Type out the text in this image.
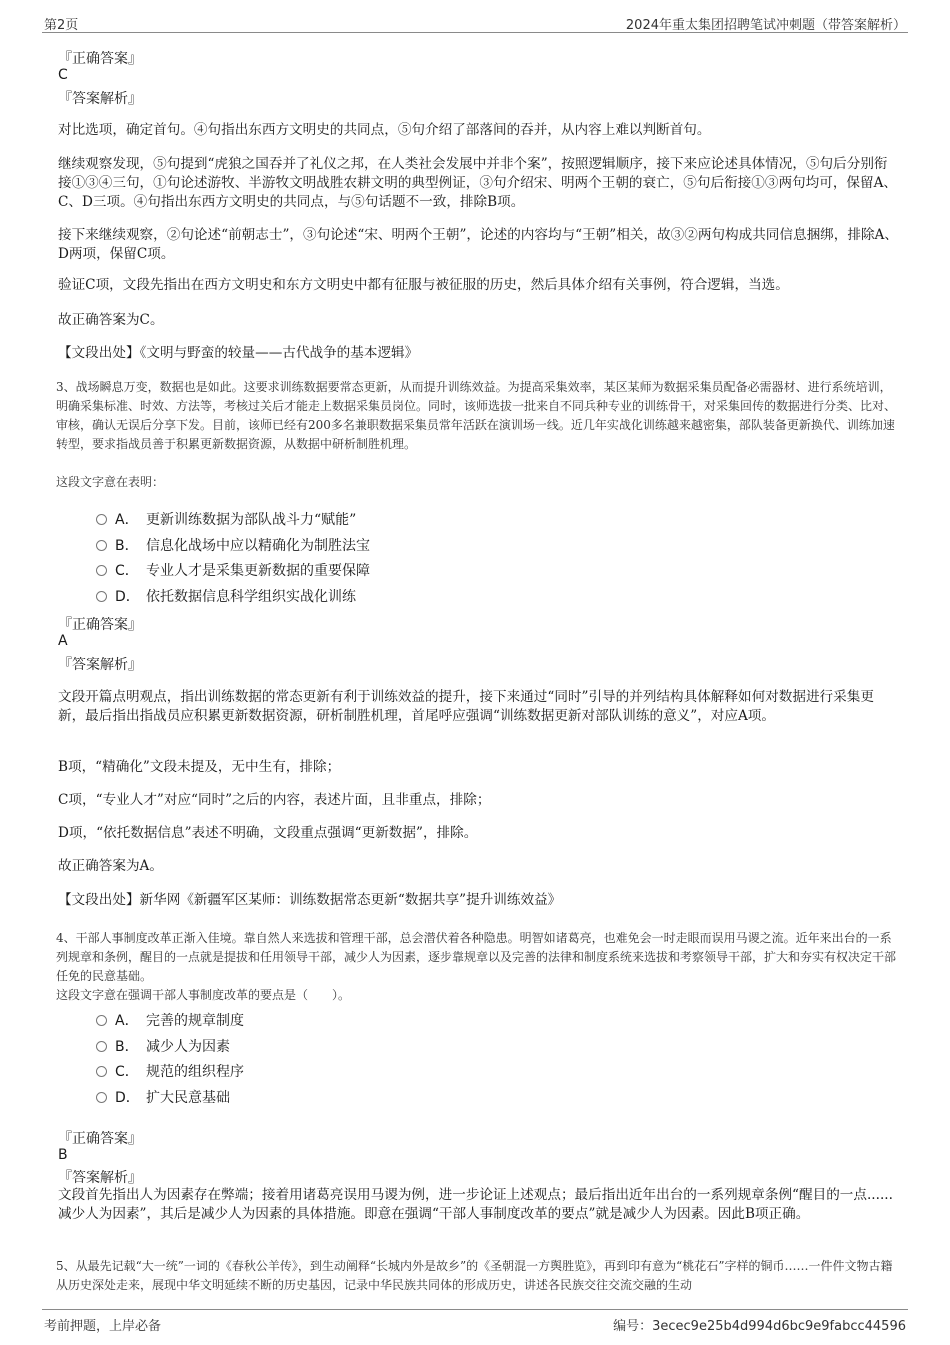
第2页	2024年重太集团招聘笔试冲刺题（带答案解析）
『正确答案』
C
『答案解析』
对比选项，确定首句。④句指出东西方文明史的共同点，⑤句介绍了部落间的吞并，从内容上难以判断首句。
继续观察发现，⑤句提到“虎狼之国吞并了礼仪之邦，在人类社会发展中并非个案”，按照逻辑顺序，接下来应论述具体情况，⑤句后分别衔接①③④三句，①句论述游牧、半游牧文明战胜农耕文明的典型例证，③句介绍宋、明两个王朝的衰亡，⑤句后衔接①③两句均可，保留A、C、D三项。④句指出东西方文明史的共同点，与⑤句话题不一致，排除B项。
接下来继续观察，②句论述“前朝志士”，③句论述“宋、明两个王朝”，论述的内容均与“王朝”相关，故③②两句构成共同信息捆绑，排除A、D两项，保留C项。
验证C项，文段先指出在西方文明史和东方文明史中都有征服与被征服的历史，然后具体介绍有关事例，符合逻辑，当选。
故正确答案为C。
【文段出处】《文明与野蛮的较量——古代战争的基本逻辑》
3、战场瞬息万变，数据也是如此。这要求训练数据要常态更新，从而提升训练效益。为提高采集效率，某区某师为数据采集员配备必需器材、进行系统培训，明确采集标准、时效、方法等，考核过关后才能走上数据采集员岗位。同时，该师选拔一批来自不同兵种专业的训练骨干，对采集回传的数据进行分类、比对、审核，确认无误后分享下发。目前，该师已经有200多名兼职数据采集员常年活跃在演训场一线。近几年实战化训练越来越密集，部队装备更新换代、训练加速转型，要求指战员善于积累更新数据资源，从数据中研析制胜机理。
这段文字意在表明：
A． 更新训练数据为部队战斗力“赋能”
B． 信息化战场中应以精确化为制胜法宝
C． 专业人才是采集更新数据的重要保障
D． 依托数据信息科学组织实战化训练
『正确答案』
A
『答案解析』
文段开篇点明观点，指出训练数据的常态更新有利于训练效益的提升，接下来通过“同时”引导的并列结构具体解释如何对数据进行采集更新，最后指出指战员应积累更新数据资源，研析制胜机理，首尾呼应强调“训练数据更新对部队训练的意义”，对应A项。
B项，“精确化”文段未提及，无中生有，排除；
C项，“专业人才”对应“同时”之后的内容，表述片面，且非重点，排除；
D项，“依托数据信息”表述不明确，文段重点强调“更新数据”，排除。
故正确答案为A。
【文段出处】新华网《新疆军区某师：训练数据常态更新“数据共享”提升训练效益》
4、干部人事制度改革正渐入佳境。靠自然人来选拔和管理干部，总会潜伏着各种隐患。明智如诸葛亮，也难免会一时走眼而误用马谡之流。近年来出台的一系列规章和条例，醒目的一点就是提拔和任用领导干部，减少人为因素，逐步靠规章以及完善的法律和制度系统来选拔和考察领导干部，扩大和夯实有权决定干部任免的民意基础。
这段文字意在强调干部人事制度改革的要点是（　　）。
A． 完善的规章制度
B． 减少人为因素
C． 规范的组织程序
D． 扩大民意基础
『正确答案』
B
『答案解析』
文段首先指出人为因素存在弊端；接着用诸葛亮误用马谡为例，进一步论证上述观点；最后指出近年出台的一系列规章条例“醒目的一点......减少人为因素”，其后是减少人为因素的具体措施。即意在强调“干部人事制度改革的要点”就是减少人为因素。因此B项正确。
5、从最先记载“大一统”一词的《春秋公羊传》，到生动阐释“长城内外是故乡”的《圣朝混一方舆胜览》，再到印有意为“桃花石”字样的铜币……一件件文物古籍从历史深处走来，展现中华文明延续不断的历史基因，记录中华民族共同体的形成历史，讲述各民族交往交流交融的生动
考前押题，上岸必备	编号：3ecec9e25b4d994d6bc9e9fabcc44596
